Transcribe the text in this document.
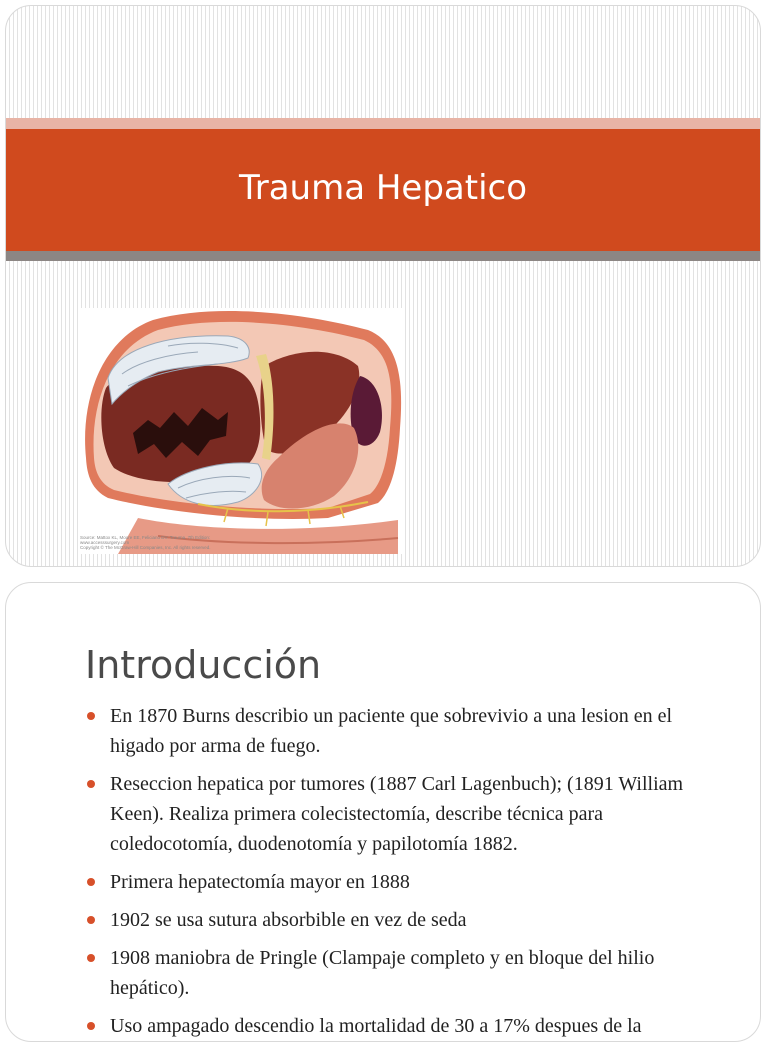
Trauma Hepatico
Source: Mattox KL, Moore EE, Feliciano DV: Trauma, 7th Edition:
www.accesssurgery.com
Copyright © The McGraw-Hill Companies, Inc. All rights reserved.
Introducción
En 1870 Burns describio un paciente que sobrevivio a una lesion en el higado por arma de fuego.
Reseccion hepatica por tumores (1887 Carl Lagenbuch); (1891 William Keen). Realiza primera colecistectomía, describe técnica para coledocotomía, duodenotomía y papilotomía 1882.
Primera hepatectomía mayor en 1888
1902 se usa sutura absorbible en vez de seda
1908 maniobra de Pringle (Clampaje completo y en bloque del hilio hepático).
Uso ampagado descendio la mortalidad de 30 a 17% despues de la
